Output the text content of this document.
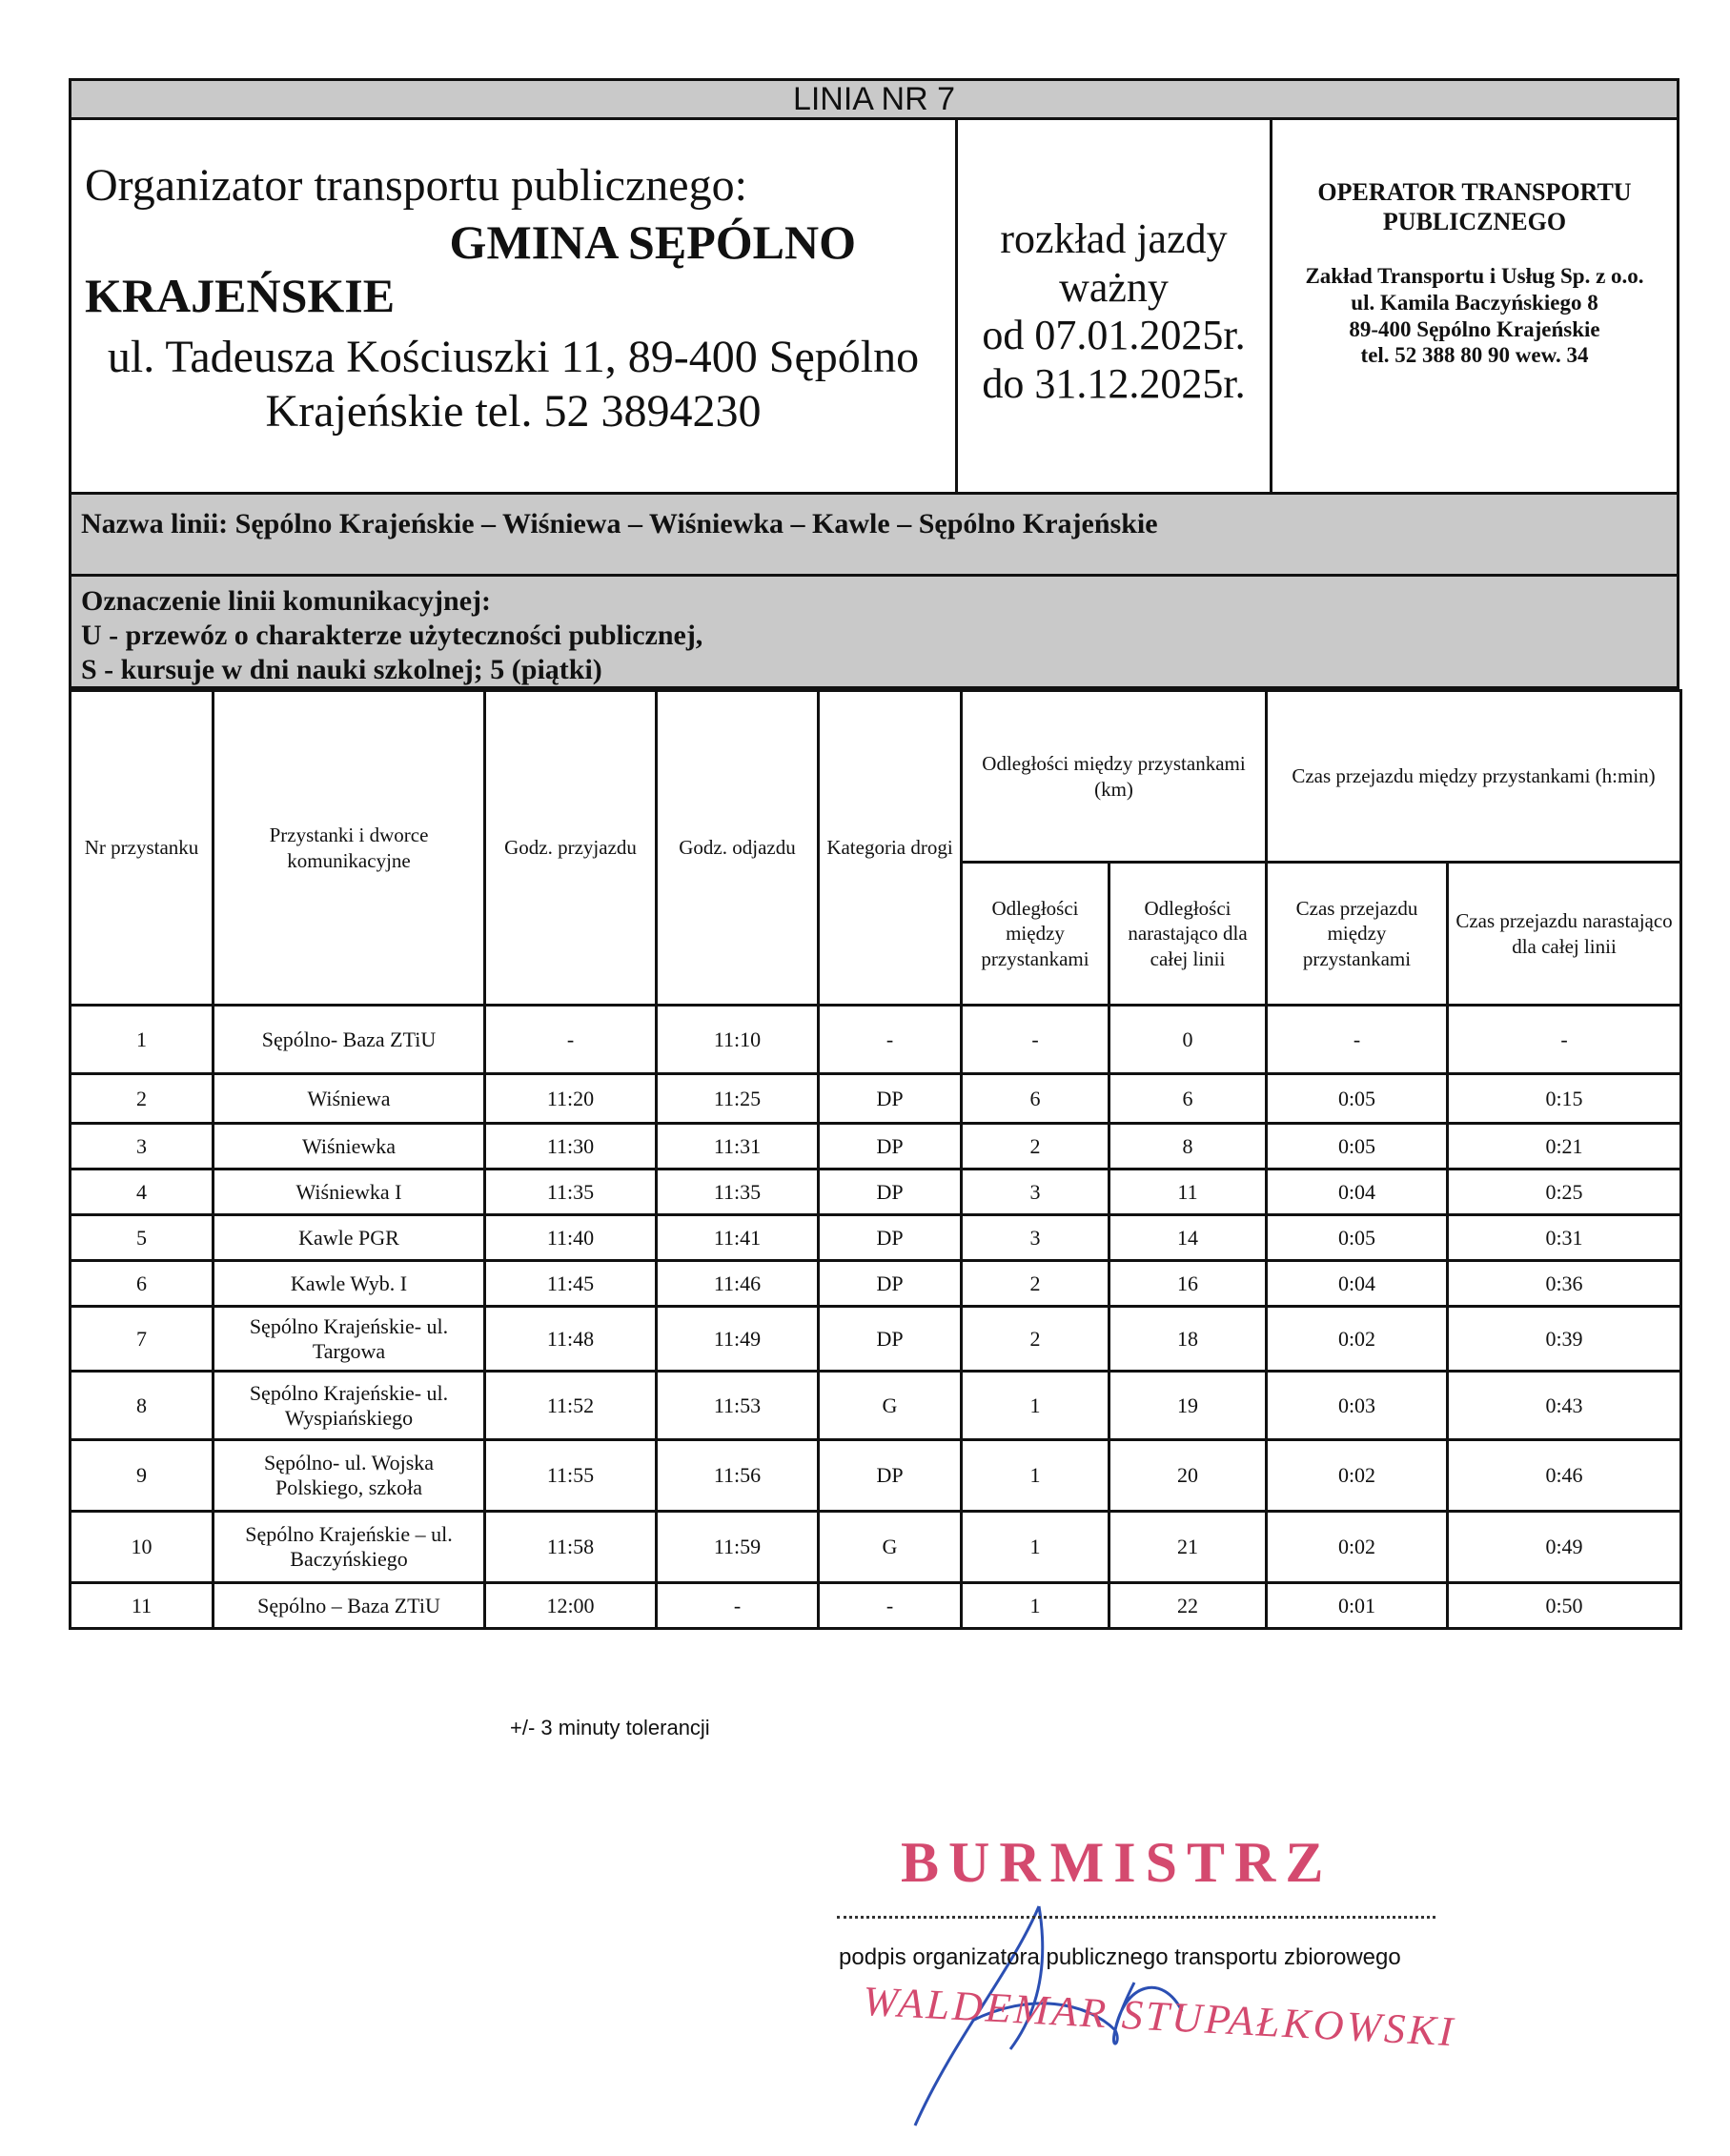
LINIA NR 7
Organizator transportu publicznego:
GMINA SĘPÓLNO
KRAJEŃSKIE
ul. Tadeusza Kościuszki 11, 89-400 Sępólno Krajeńskie tel. 52 3894230
rozkład jazdy
ważny
od 07.01.2025r.
do 31.12.2025r.
OPERATOR TRANSPORTU PUBLICZNEGO
Zakład Transportu i Usług Sp. z o.o.
ul. Kamila Baczyńskiego 8
89-400 Sępólno Krajeńskie
tel. 52 388 80 90 wew. 34
Nazwa linii: Sępólno Krajeńskie – Wiśniewa – Wiśniewka – Kawle – Sępólno Krajeńskie
Oznaczenie linii komunikacyjnej:
U - przewóz o charakterze użyteczności publicznej,
S - kursuje w dni nauki szkolnej; 5 (piątki)
Nr przystanku	Przystanki i dworce komunikacyjne	Godz. przyjazdu	Godz. odjazdu	Kategoria drogi	Odległości między przystankami (km)		Czas przejazdu między przystankami (h:min)	
					Odległości między przystankami	Odległości narastająco dla całej linii	Czas przejazdu między przystankami	Czas przejazdu narastająco dla całej linii
1	Sępólno- Baza ZTiU	-	11:10	-	-	0	-	-
2	Wiśniewa	11:20	11:25	DP	6	6	0:05	0:15
3	Wiśniewka	11:30	11:31	DP	2	8	0:05	0:21
4	Wiśniewka I	11:35	11:35	DP	3	11	0:04	0:25
5	Kawle PGR	11:40	11:41	DP	3	14	0:05	0:31
6	Kawle Wyb. I	11:45	11:46	DP	2	16	0:04	0:36
7	Sępólno Krajeńskie- ul. Targowa	11:48	11:49	DP	2	18	0:02	0:39
8	Sępólno Krajeńskie- ul. Wyspiańskiego	11:52	11:53	G	1	19	0:03	0:43
9	Sępólno- ul. Wojska Polskiego, szkoła	11:55	11:56	DP	1	20	0:02	0:46
10	Sępólno Krajeńskie – ul. Baczyńskiego	11:58	11:59	G	1	21	0:02	0:49
11	Sępólno – Baza ZTiU	12:00	-	-	1	22	0:01	0:50
+/- 3 minuty tolerancji
BURMISTRZ
podpis organizatora publicznego transportu zbiorowego
WALDEMAR STUPAŁKOWSKI
